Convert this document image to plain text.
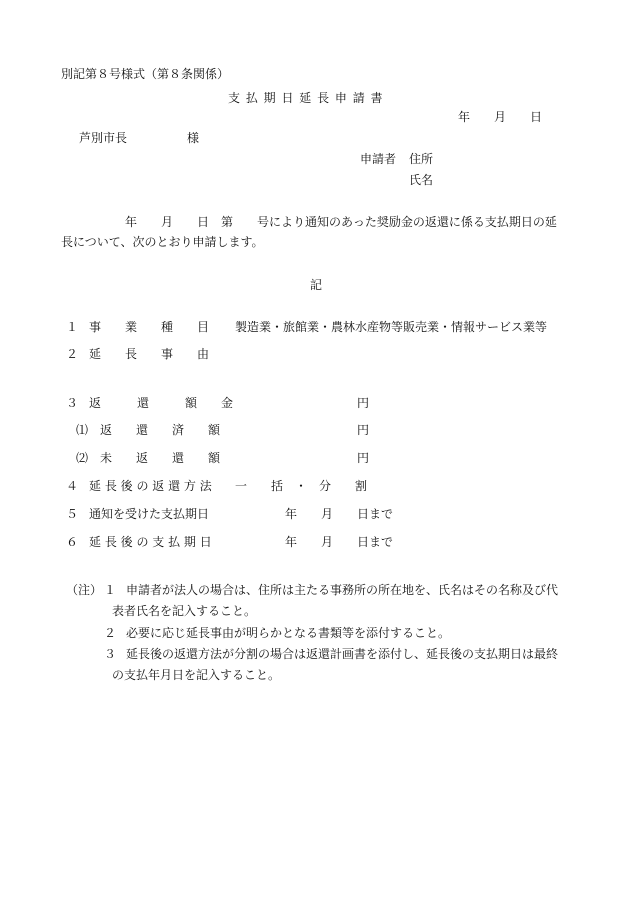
別記第８号様式（第８条関係）
支 払 期 日 延 長 申 請 書
年　　月　　日
芦別市長　　　　　様
申請者 住所
氏名
年　　月　　日　第　　号により通知のあった奨励金の返還に係る支払期日の延
長について、次のとおり申請します。
記
１ 事　　業　　種　　目 製造業・旅館業・農林水産物等販売業・情報サービス業等
２ 延　　長　　事　　由
３ 返　　　還　　　額　　金	円
⑴ 返　　還　　済　　額	円
⑵ 未　　返　　還　　額	円
４ 延 長 後 の 返 還 方 法 一　　括　・　分　　割
５ 通知を受けた支払期日	年　　月　　日まで
６ 延 長 後 の 支 払 期 日	年　　月　　日まで
（注） １ 申請者が法人の場合は、住所は主たる事務所の所在地を、氏名はその名称及び代
表者氏名を記入すること。
２ 必要に応じ延長事由が明らかとなる書類等を添付すること。
３ 延長後の返還方法が分割の場合は返還計画書を添付し、延長後の支払期日は最終
の支払年月日を記入すること。
